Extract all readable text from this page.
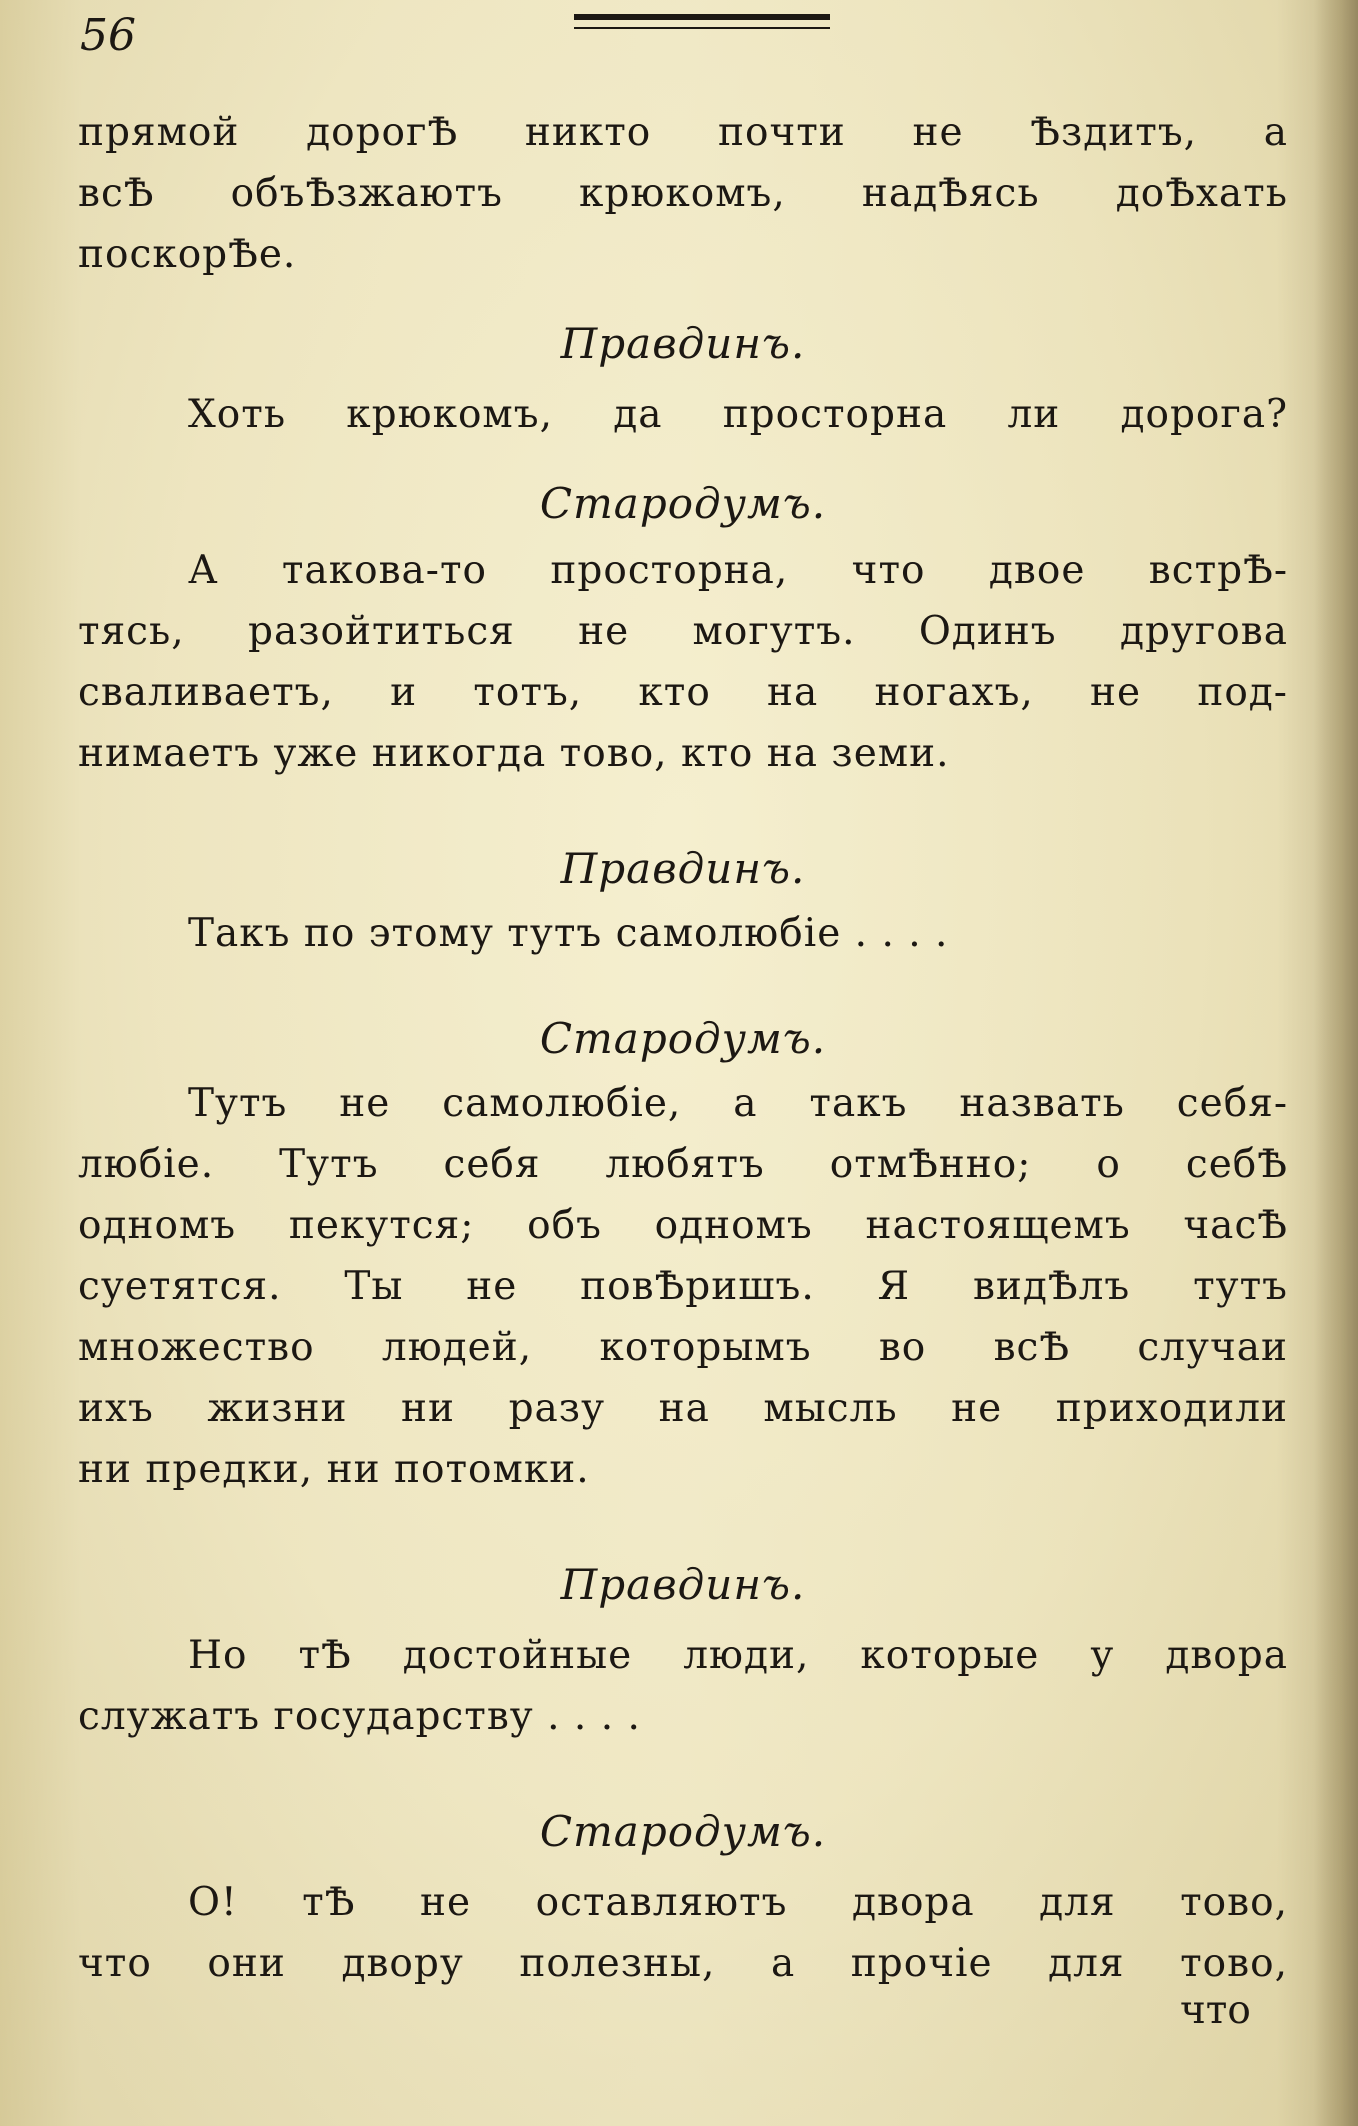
56
прямой дорогѢ никто почти не Ѣздитъ, а
всѢ объѢзжаютъ крюкомъ, надѢясь доѢхать
поскорѢе.
Правдинъ.
Хоть крюкомъ, да просторна ли дорога?
Стародумъ.
А такова-то просторна, что двое встрѢ-
тясь, разойтиться не могутъ. Одинъ другова
сваливаетъ, и тотъ, кто на ногахъ, не под-
нимаетъ уже никогда тово, кто на земи.
Правдинъ.
Такъ по этому тутъ самолюбіе . . . .
Стародумъ.
Тутъ не самолюбіе, а такъ назвать себя-
любіе. Тутъ себя любятъ отмѢнно; о себѢ
одномъ пекутся; объ одномъ настоящемъ часѢ
суетятся. Ты не повѢришъ. Я видѢлъ тутъ
множество людей, которымъ во всѢ случаи
ихъ жизни ни разу на мысль не приходили
ни предки, ни потомки.
Правдинъ.
Но тѢ достойные люди, которые у двора
служатъ государству . . . .
Стародумъ.
О! тѢ не оставляютъ двора для тово,
что они двору полезны, а прочіе для тово,
что
